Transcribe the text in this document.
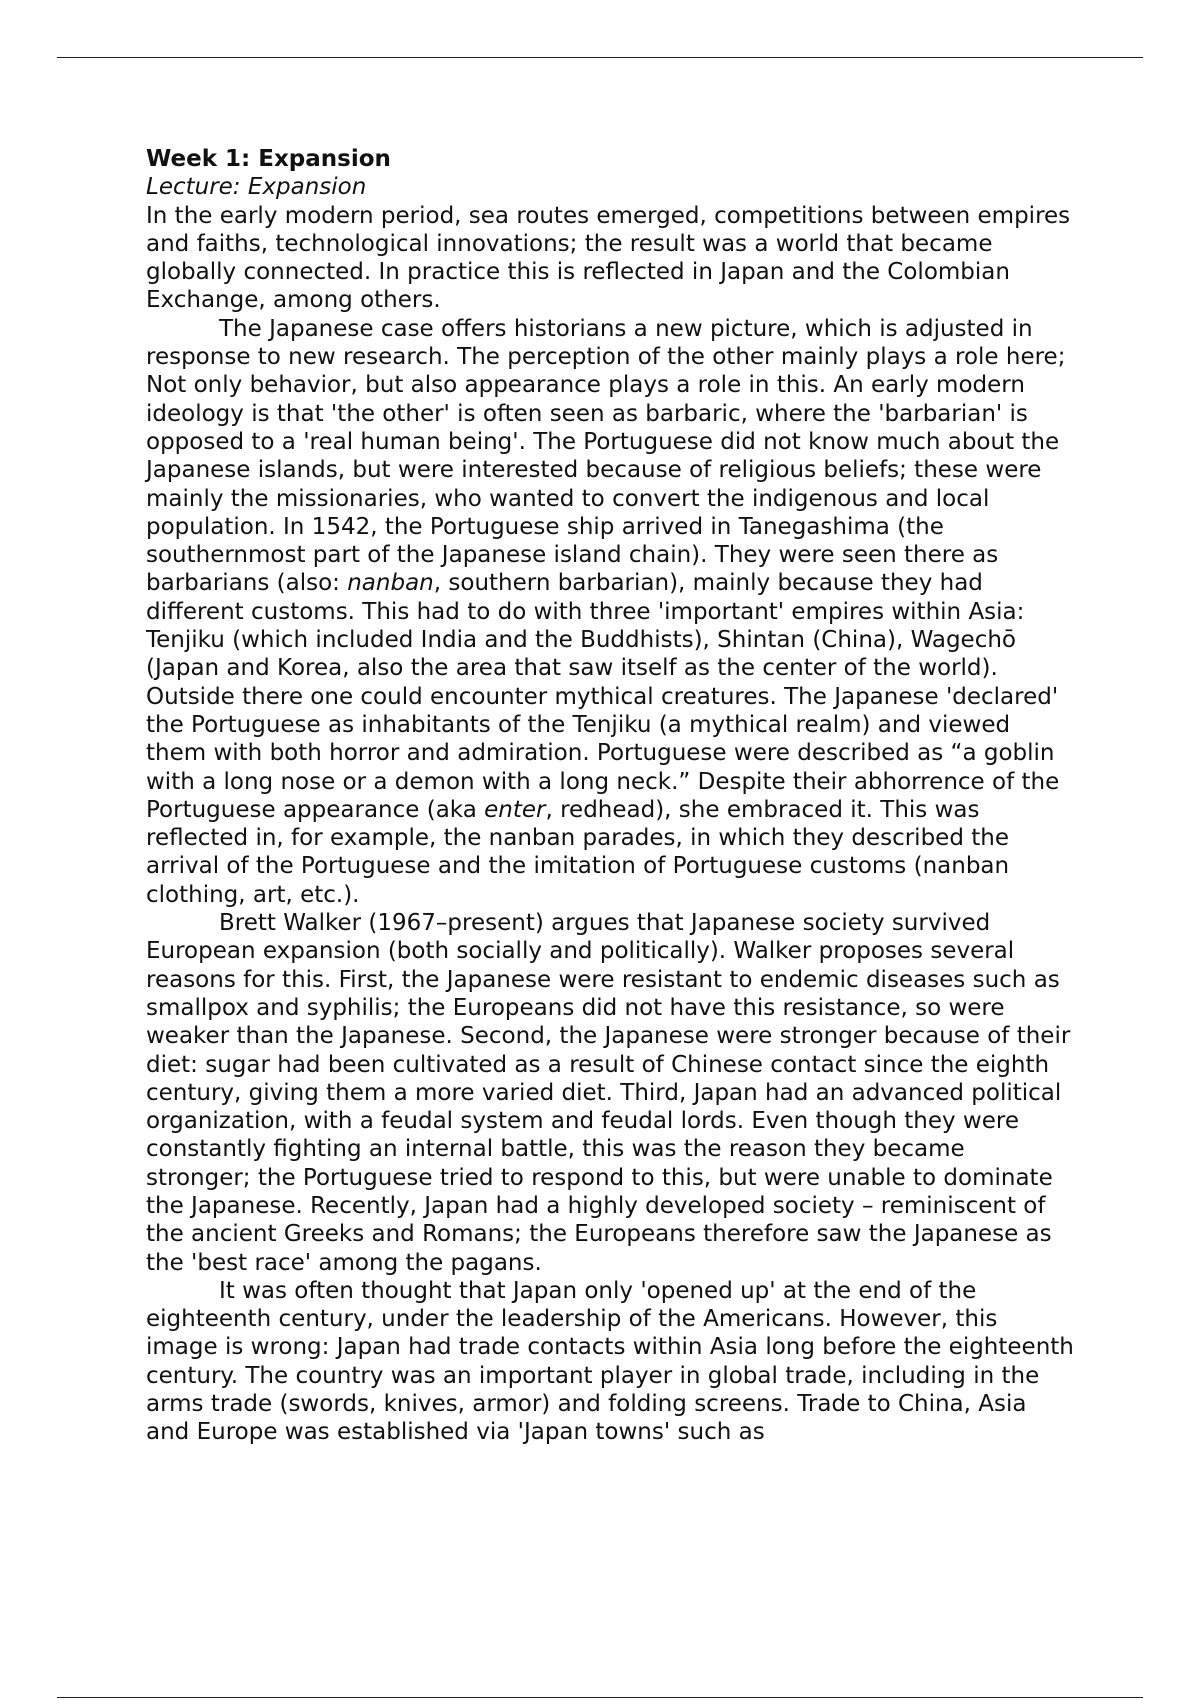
Week 1: Expansion
Lecture: Expansion

In the early modern period, sea routes emerged, competitions between empires and faiths, technological innovations; the result was a world that became globally connected. In practice this is reflected in Japan and the Colombian Exchange, among others.

The Japanese case offers historians a new picture, which is adjusted in response to new research. The perception of the other mainly plays a role here; Not only behavior, but also appearance plays a role in this. An early modern ideology is that 'the other' is often seen as barbaric, where the 'barbarian' is opposed to a 'real human being'. The Portuguese did not know much about the Japanese islands, but were interested because of religious beliefs; these were mainly the missionaries, who wanted to convert the indigenous and local population. In 1542, the Portuguese ship arrived in Tanegashima (the southernmost part of the Japanese island chain). They were seen there as barbarians (also: nanban, southern barbarian), mainly because they had different customs. This had to do with three 'important' empires within Asia: Tenjiku (which included India and the Buddhists), Shintan (China), Wagechō (Japan and Korea, also the area that saw itself as the center of the world). Outside there one could encounter mythical creatures. The Japanese 'declared' the Portuguese as inhabitants of the Tenjiku (a mythical realm) and viewed them with both horror and admiration. Portuguese were described as “a goblin with a long nose or a demon with a long neck.” Despite their abhorrence of the Portuguese appearance (aka enter, redhead), she embraced it. This was reflected in, for example, the nanban parades, in which they described the arrival of the Portuguese and the imitation of Portuguese customs (nanban clothing, art, etc.).

Brett Walker (1967–present) argues that Japanese society survived European expansion (both socially and politically). Walker proposes several reasons for this. First, the Japanese were resistant to endemic diseases such as smallpox and syphilis; the Europeans did not have this resistance, so were weaker than the Japanese. Second, the Japanese were stronger because of their diet: sugar had been cultivated as a result of Chinese contact since the eighth century, giving them a more varied diet. Third, Japan had an advanced political organization, with a feudal system and feudal lords. Even though they were constantly fighting an internal battle, this was the reason they became stronger; the Portuguese tried to respond to this, but were unable to dominate the Japanese. Recently, Japan had a highly developed society – reminiscent of the ancient Greeks and Romans; the Europeans therefore saw the Japanese as the 'best race' among the pagans.

It was often thought that Japan only 'opened up' at the end of the eighteenth century, under the leadership of the Americans. However, this image is wrong: Japan had trade contacts within Asia long before the eighteenth century. The country was an important player in global trade, including in the arms trade (swords, knives, armor) and folding screens. Trade to China, Asia and Europe was established via 'Japan towns' such as
